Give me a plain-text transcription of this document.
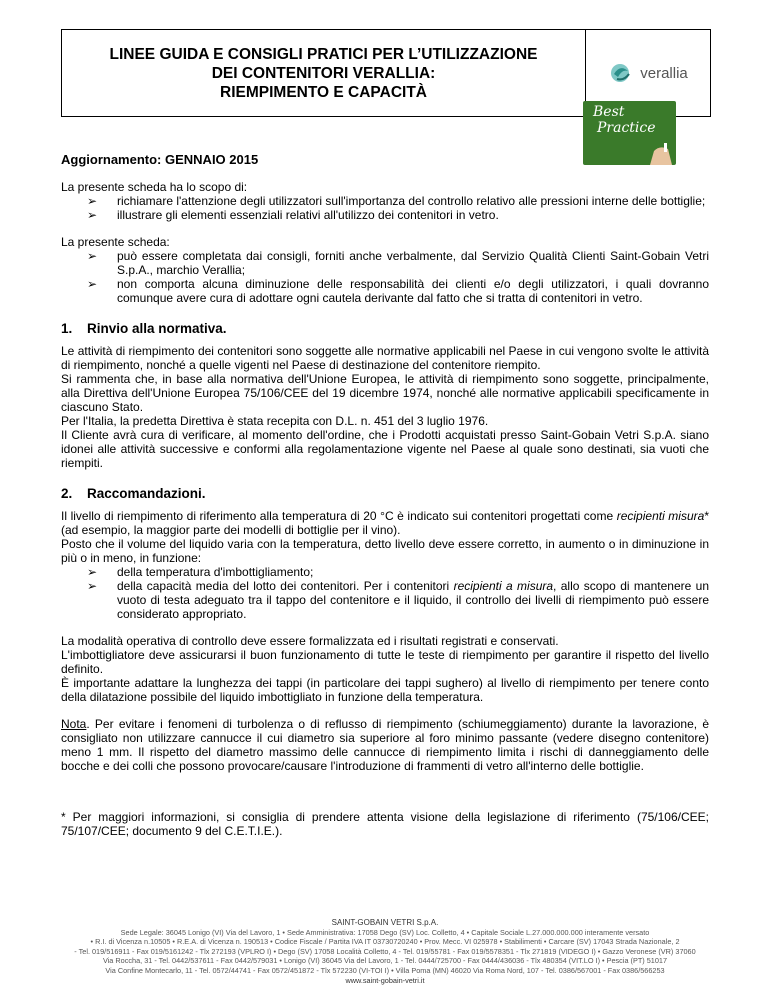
LINEE GUIDA E CONSIGLI PRATICI PER L’UTILIZZAZIONE
DEI CONTENITORI VERALLIA:
RIEMPIMENTO E CAPACITÀ
verallia
Best
Practice

Aggiornamento: GENNAIO 2015

La presente scheda ha lo scopo di:

➢ richiamare l'attenzione degli utilizzatori sull'importanza del controllo relativo alle pressioni interne delle bottiglie;
➢ illustrare gli elementi essenziali relativi all'utilizzo dei contenitori in vetro.

La presente scheda:

➢ può essere completata dai consigli, forniti anche verbalmente, dal Servizio Qualità Clienti Saint-Gobain Vetri S.p.A., marchio Verallia;
➢ non comporta alcuna diminuzione delle responsabilità dei clienti e/o degli utilizzatori, i quali dovranno comunque avere cura di adottare ogni cautela derivante dal fatto che si tratta di contenitori in vetro.

1. Rinvio alla normativa.

Le attività di riempimento dei contenitori sono soggette alle normative applicabili nel Paese in cui vengono svolte le attività di riempimento, nonché a quelle vigenti nel Paese di destinazione del contenitore riempito.

Si rammenta che, in base alla normativa dell'Unione Europea, le attività di riempimento sono soggette, principalmente, alla Direttiva dell'Unione Europea 75/106/CEE del 19 dicembre 1974, nonché alle normative applicabili specificamente in ciascuno Stato.

Per l'Italia, la predetta Direttiva è stata recepita con D.L. n. 451 del 3 luglio 1976.

Il Cliente avrà cura di verificare, al momento dell'ordine, che i Prodotti acquistati presso Saint-Gobain Vetri S.p.A. siano idonei alle attività successive e conformi alla regolamentazione vigente nel Paese al quale sono destinati, sia vuoti che riempiti.

2. Raccomandazioni.

Il livello di riempimento di riferimento alla temperatura di 20 °C è indicato sui contenitori progettati come recipienti misura* (ad esempio, la maggior parte dei modelli di bottiglie per il vino).

Posto che il volume del liquido varia con la temperatura, detto livello deve essere corretto, in aumento o in diminuzione in più o in meno, in funzione:

➢ della temperatura d'imbottigliamento;
➢ della capacità media del lotto dei contenitori. Per i contenitori recipienti a misura, allo scopo di mantenere un vuoto di testa adeguato tra il tappo del contenitore e il liquido, il controllo dei livelli di riempimento può essere considerato appropriato.

La modalità operativa di controllo deve essere formalizzata ed i risultati registrati e conservati.

L'imbottigliatore deve assicurarsi il buon funzionamento di tutte le teste di riempimento per garantire il rispetto del livello definito.

È importante adattare la lunghezza dei tappi (in particolare dei tappi sughero) al livello di riempimento per tenere conto della dilatazione possibile del liquido imbottigliato in funzione della temperatura.

Nota. Per evitare i fenomeni di turbolenza o di reflusso di riempimento (schiumeggiamento) durante la lavorazione, è consigliato non utilizzare cannucce il cui diametro sia superiore al foro minimo passante (vedere disegno contenitore) meno 1 mm. Il rispetto del diametro massimo delle cannucce di riempimento limita i rischi di danneggiamento delle bocche e dei colli che possono provocare/causare l'introduzione di frammenti di vetro all'interno delle bottiglie.

* Per maggiori informazioni, si consiglia di prendere attenta visione della legislazione di riferimento (75/106/CEE; 75/107/CEE; documento 9 del C.E.T.I.E.).

SAINT-GOBAIN VETRI S.p.A.
Sede Legale: 36045 Lonigo (VI) Via del Lavoro, 1 • Sede Amministrativa: 17058 Dego (SV) Loc. Colletto, 4 • Capitale Sociale L.27.000.000.000 interamente versato
• R.I. di Vicenza n.10505 • R.E.A. di Vicenza n. 190513 • Codice Fiscale / Partita IVA IT 03730720240 • Prov. Mecc. VI 025978 • Stabilimenti • Carcare (SV) 17043 Strada Nazionale, 2
- Tel. 019/516911 - Fax 019/5161242 - Tlx 272193 (VPLRO I) • Dego (SV) 17058 Località Colletto, 4 - Tel. 019/55781 - Fax 019/5578351 - Tlx 271819 (VIDEGO I) • Gazzo Veronese (VR) 37060
Via Roccha, 31 - Tel. 0442/537611 - Fax 0442/579031 • Lonigo (VI) 36045 Via del Lavoro, 1 - Tel. 0444/725700 - Fax 0444/436036 - Tlx 480354 (VIT.LO I) • Pescia (PT) 51017
Via Confine Montecarlo, 11 - Tel. 0572/44741 - Fax 0572/451872 - Tlx 572230 (VI-TOI I) • Villa Poma (MN) 46020 Via Roma Nord, 107 - Tel. 0386/567001 - Fax 0386/566253
www.saint-gobain-vetri.it
